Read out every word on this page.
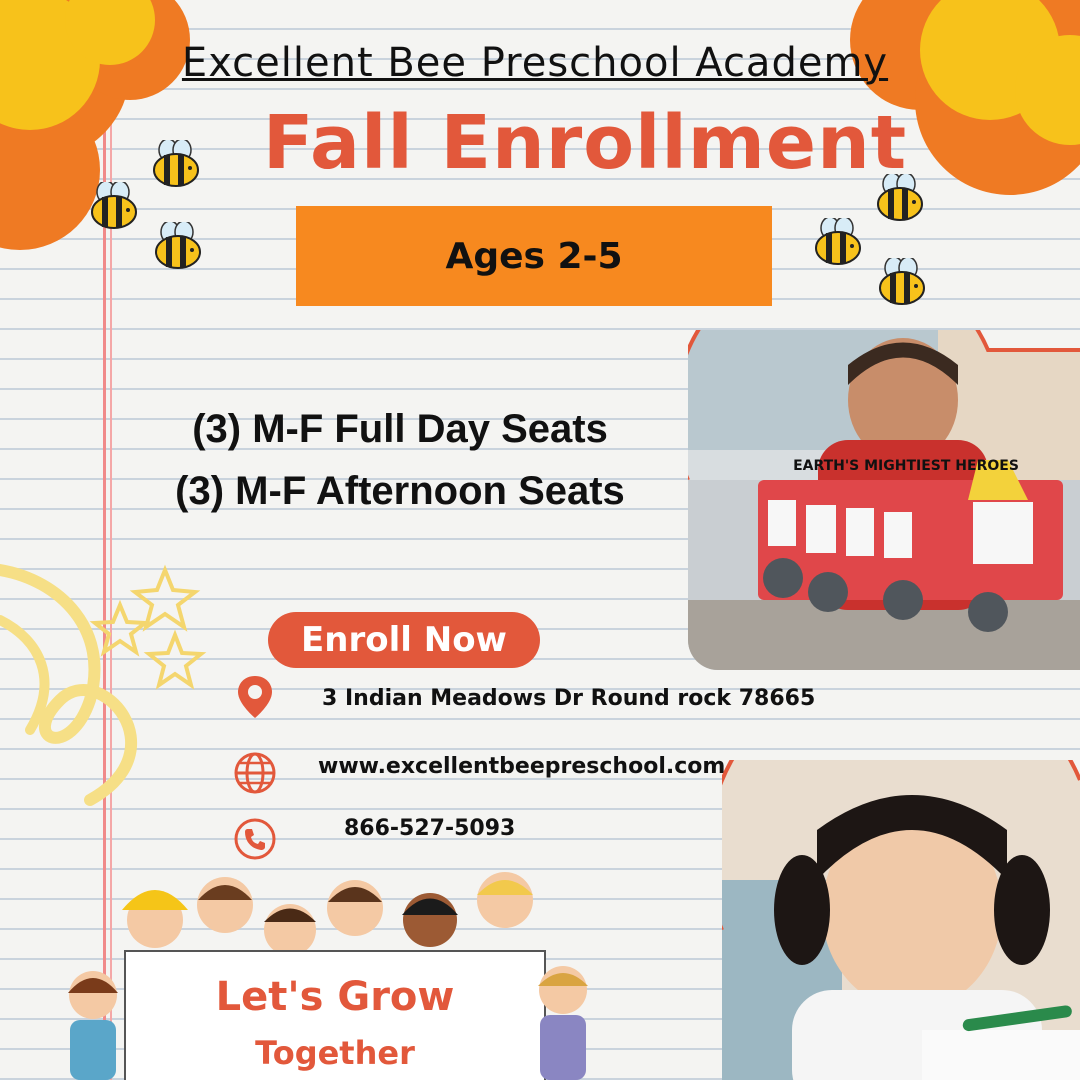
Excellent Bee Preschool Academy
Fall Enrollment
Ages 2-5
(3) M-F Full Day Seats
(3) M-F Afternoon Seats
EARTH'S MIGHTIEST HEROES
Enroll Now
3 Indian Meadows Dr Round rock 78665
www.excellentbeepreschool.com
866-527-5093
Let's Grow
Together
